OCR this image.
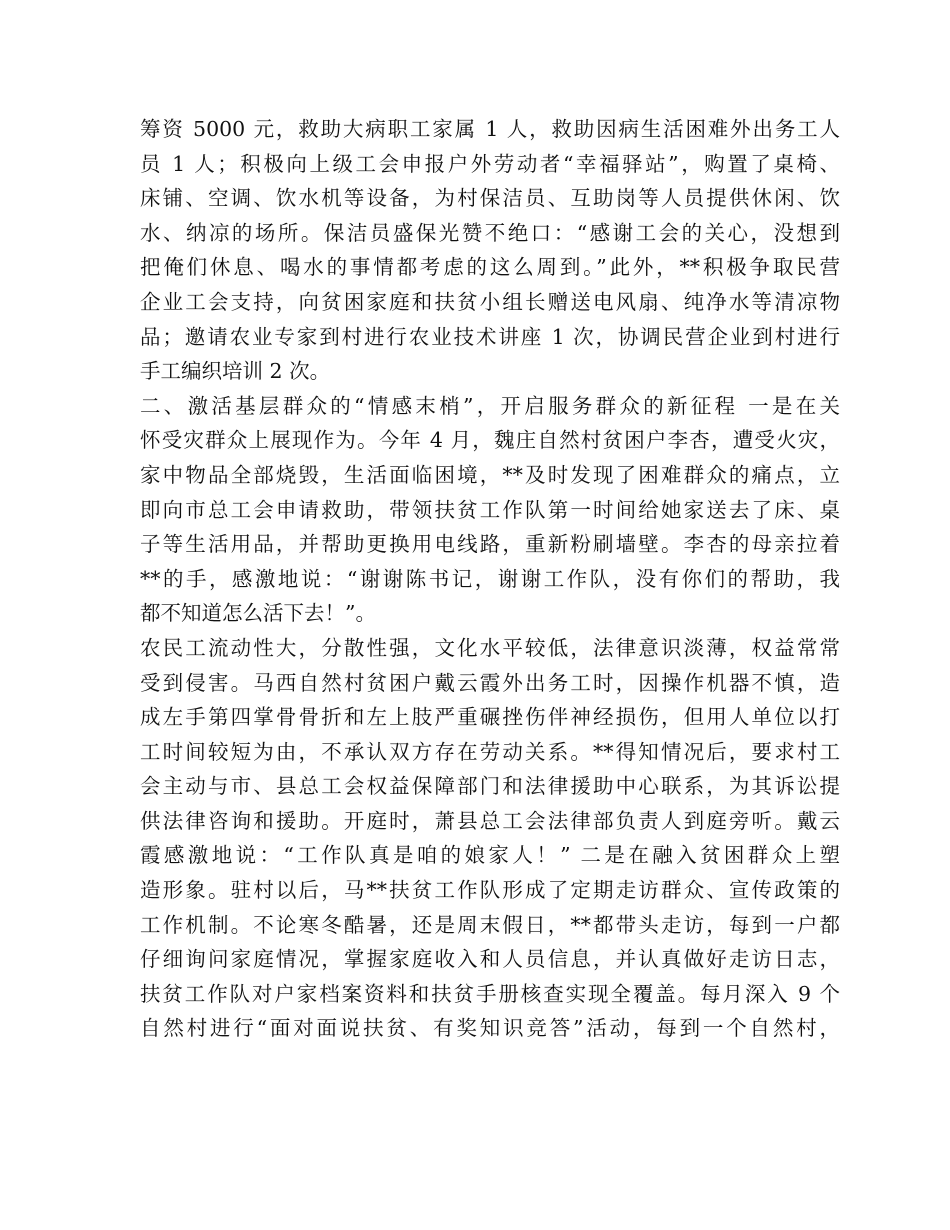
筹资 5000 元，救助大病职工家属 1 人，救助因病生活困难外出务工人
员 1 人；积极向上级工会申报户外劳动者“幸福驿站”，购置了桌椅、
床铺、空调、饮水机等设备，为村保洁员、互助岗等人员提供休闲、饮
水、纳凉的场所。保洁员盛保光赞不绝口：“感谢工会的关心，没想到
把俺们休息、喝水的事情都考虑的这么周到。”此外，**积极争取民营
企业工会支持，向贫困家庭和扶贫小组长赠送电风扇、纯净水等清凉物
品；邀请农业专家到村进行农业技术讲座 1 次，协调民营企业到村进行
手工编织培训 2 次。
二、激活基层群众的“情感末梢”，开启服务群众的新征程 一是在关
怀受灾群众上展现作为。今年 4 月，魏庄自然村贫困户李杏，遭受火灾，
家中物品全部烧毁，生活面临困境，**及时发现了困难群众的痛点，立
即向市总工会申请救助，带领扶贫工作队第一时间给她家送去了床、桌
子等生活用品，并帮助更换用电线路，重新粉刷墙壁。李杏的母亲拉着
**的手，感激地说：“谢谢陈书记，谢谢工作队，没有你们的帮助，我
都不知道怎么活下去！”。
农民工流动性大，分散性强，文化水平较低，法律意识淡薄，权益常常
受到侵害。马西自然村贫困户戴云霞外出务工时，因操作机器不慎，造
成左手第四掌骨骨折和左上肢严重碾挫伤伴神经损伤，但用人单位以打
工时间较短为由，不承认双方存在劳动关系。**得知情况后，要求村工
会主动与市、县总工会权益保障部门和法律援助中心联系，为其诉讼提
供法律咨询和援助。开庭时，萧县总工会法律部负责人到庭旁听。戴云
霞感激地说：“工作队真是咱的娘家人！” 二是在融入贫困群众上塑
造形象。驻村以后，马**扶贫工作队形成了定期走访群众、宣传政策的
工作机制。不论寒冬酷暑，还是周末假日，**都带头走访，每到一户都
仔细询问家庭情况，掌握家庭收入和人员信息，并认真做好走访日志，
扶贫工作队对户家档案资料和扶贫手册核查实现全覆盖。每月深入 9 个
自然村进行“面对面说扶贫、有奖知识竞答”活动，每到一个自然村，
